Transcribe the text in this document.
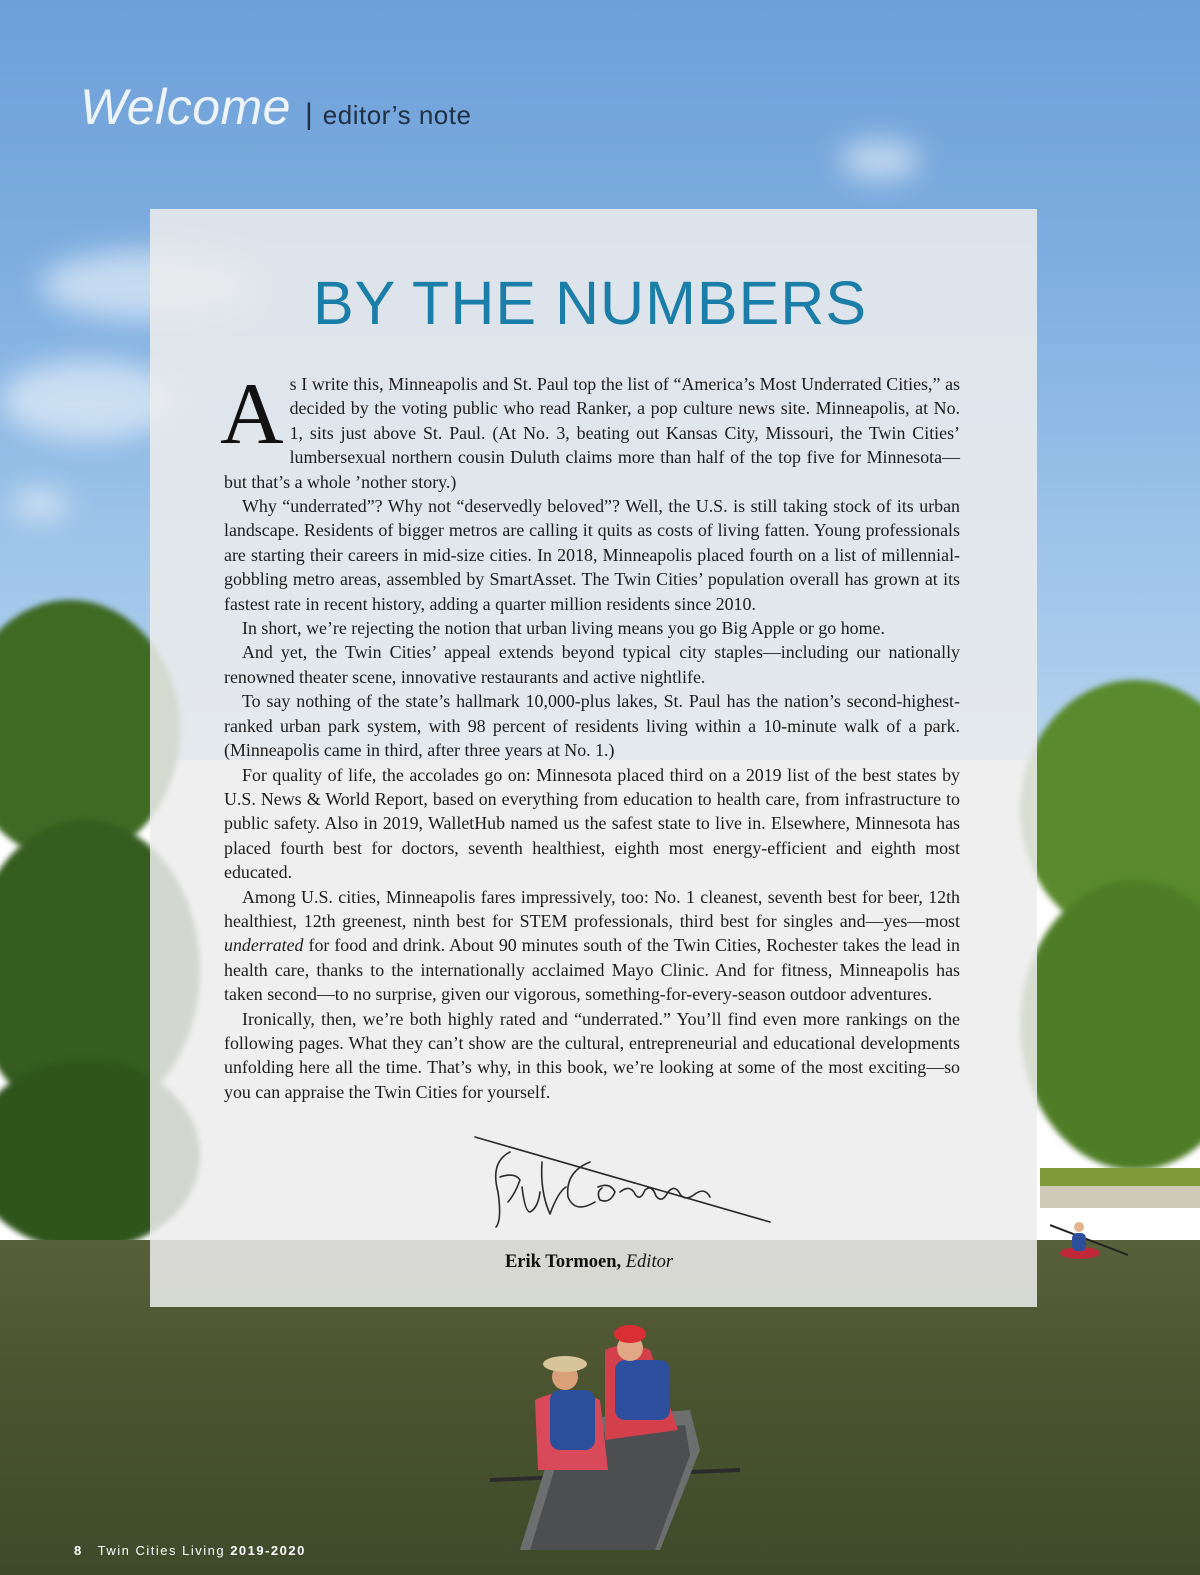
Welcome | editor’s note
BY THE NUMBERS

As I write this, Minneapolis and St. Paul top the list of “America’s Most Underrated Cities,” as decided by the voting public who read Ranker, a pop culture news site. Minneapolis, at No. 1, sits just above St. Paul. (At No. 3, beating out Kansas City, Missouri, the Twin Cities’ lumbersexual northern cousin Duluth claims more than half of the top five for Minnesota—but that’s a whole ’nother story.)

Why “underrated”? Why not “deservedly beloved”? Well, the U.S. is still taking stock of its urban landscape. Residents of bigger metros are calling it quits as costs of living fatten. Young professionals are starting their careers in mid-size cities. In 2018, Minneapolis placed fourth on a list of millennial-gobbling metro areas, assembled by SmartAsset. The Twin Cities’ population overall has grown at its fastest rate in recent history, adding a quarter million residents since 2010.

In short, we’re rejecting the notion that urban living means you go Big Apple or go home.

And yet, the Twin Cities’ appeal extends beyond typical city staples—including our nationally renowned theater scene, innovative restaurants and active nightlife.

To say nothing of the state’s hallmark 10,000-plus lakes, St. Paul has the nation’s second-highest-ranked urban park system, with 98 percent of residents living within a 10-minute walk of a park. (Minneapolis came in third, after three years at No. 1.)

For quality of life, the accolades go on: Minnesota placed third on a 2019 list of the best states by U.S. News & World Report, based on everything from education to health care, from infrastructure to public safety. Also in 2019, WalletHub named us the safest state to live in. Elsewhere, Minnesota has placed fourth best for doctors, seventh healthiest, eighth most energy-efficient and eighth most educated.

Among U.S. cities, Minneapolis fares impressively, too: No. 1 cleanest, seventh best for beer, 12th healthiest, 12th greenest, ninth best for STEM professionals, third best for singles and—yes—most underrated for food and drink. About 90 minutes south of the Twin Cities, Rochester takes the lead in health care, thanks to the internationally acclaimed Mayo Clinic. And for fitness, Minneapolis has taken second—to no surprise, given our vigorous, something-for-every-season outdoor adventures.

Ironically, then, we’re both highly rated and “underrated.” You’ll find even more rankings on the following pages. What they can’t show are the cultural, entrepreneurial and educational developments unfolding here all the time. That’s why, in this book, we’re looking at some of the most exciting—so you can appraise the Twin Cities for yourself.

Erik Tormoen, Editor
8 Twin Cities Living 2019-2020
